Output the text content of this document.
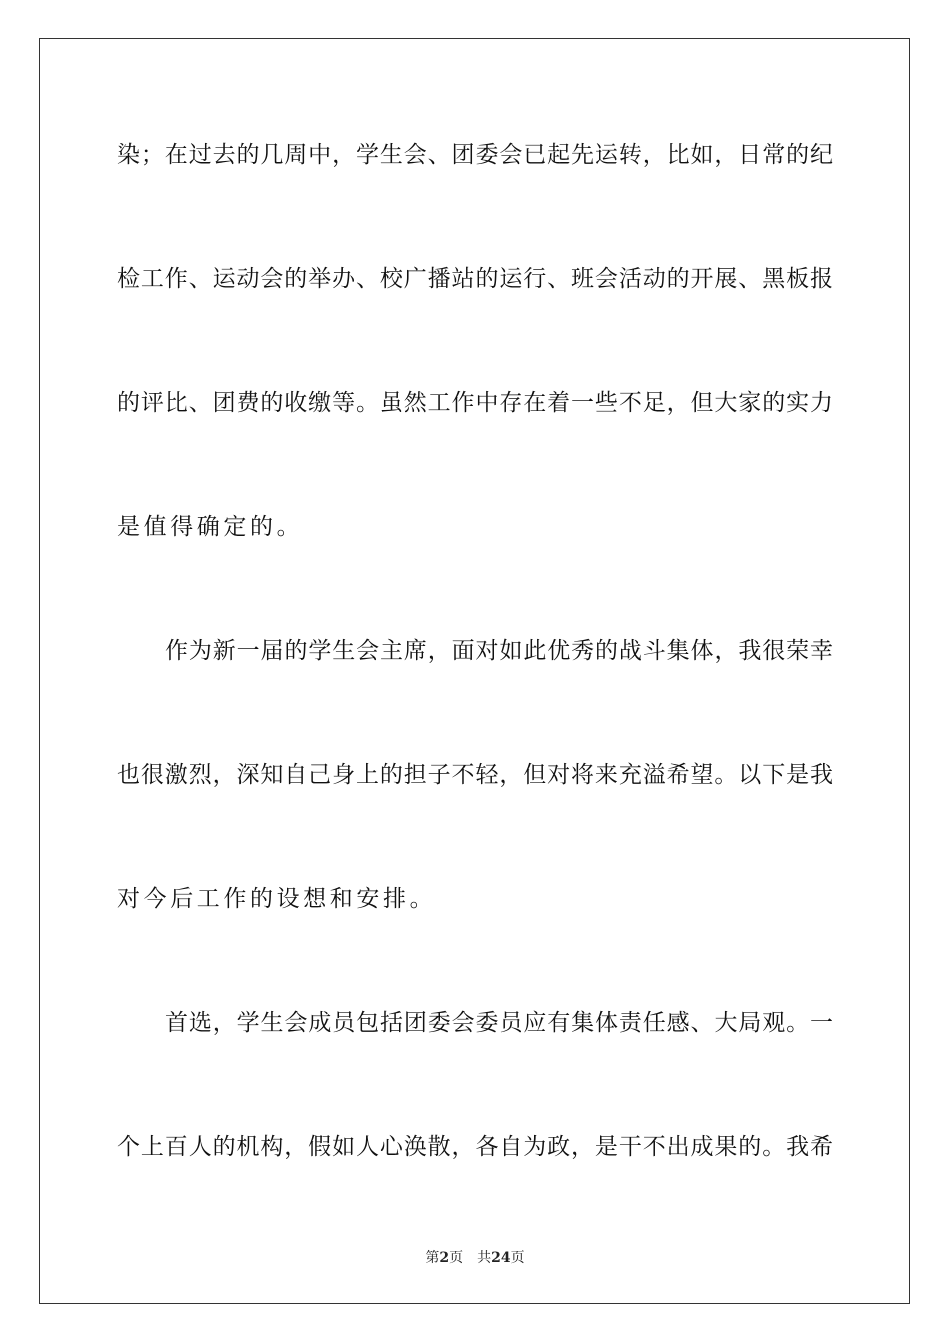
染；在过去的几周中，学生会、团委会已起先运转，比如，日常的纪
检工作、运动会的举办、校广播站的运行、班会活动的开展、黑板报
的评比、团费的收缴等。虽然工作中存在着一些不足，但大家的实力
是值得确定的。
作为新一届的学生会主席，面对如此优秀的战斗集体，我很荣幸
也很激烈，深知自己身上的担子不轻，但对将来充溢希望。以下是我
对今后工作的设想和安排。
首选，学生会成员包括团委会委员应有集体责任感、大局观。一
个上百人的机构，假如人心涣散，各自为政，是干不出成果的。我希
第2页 共24页
